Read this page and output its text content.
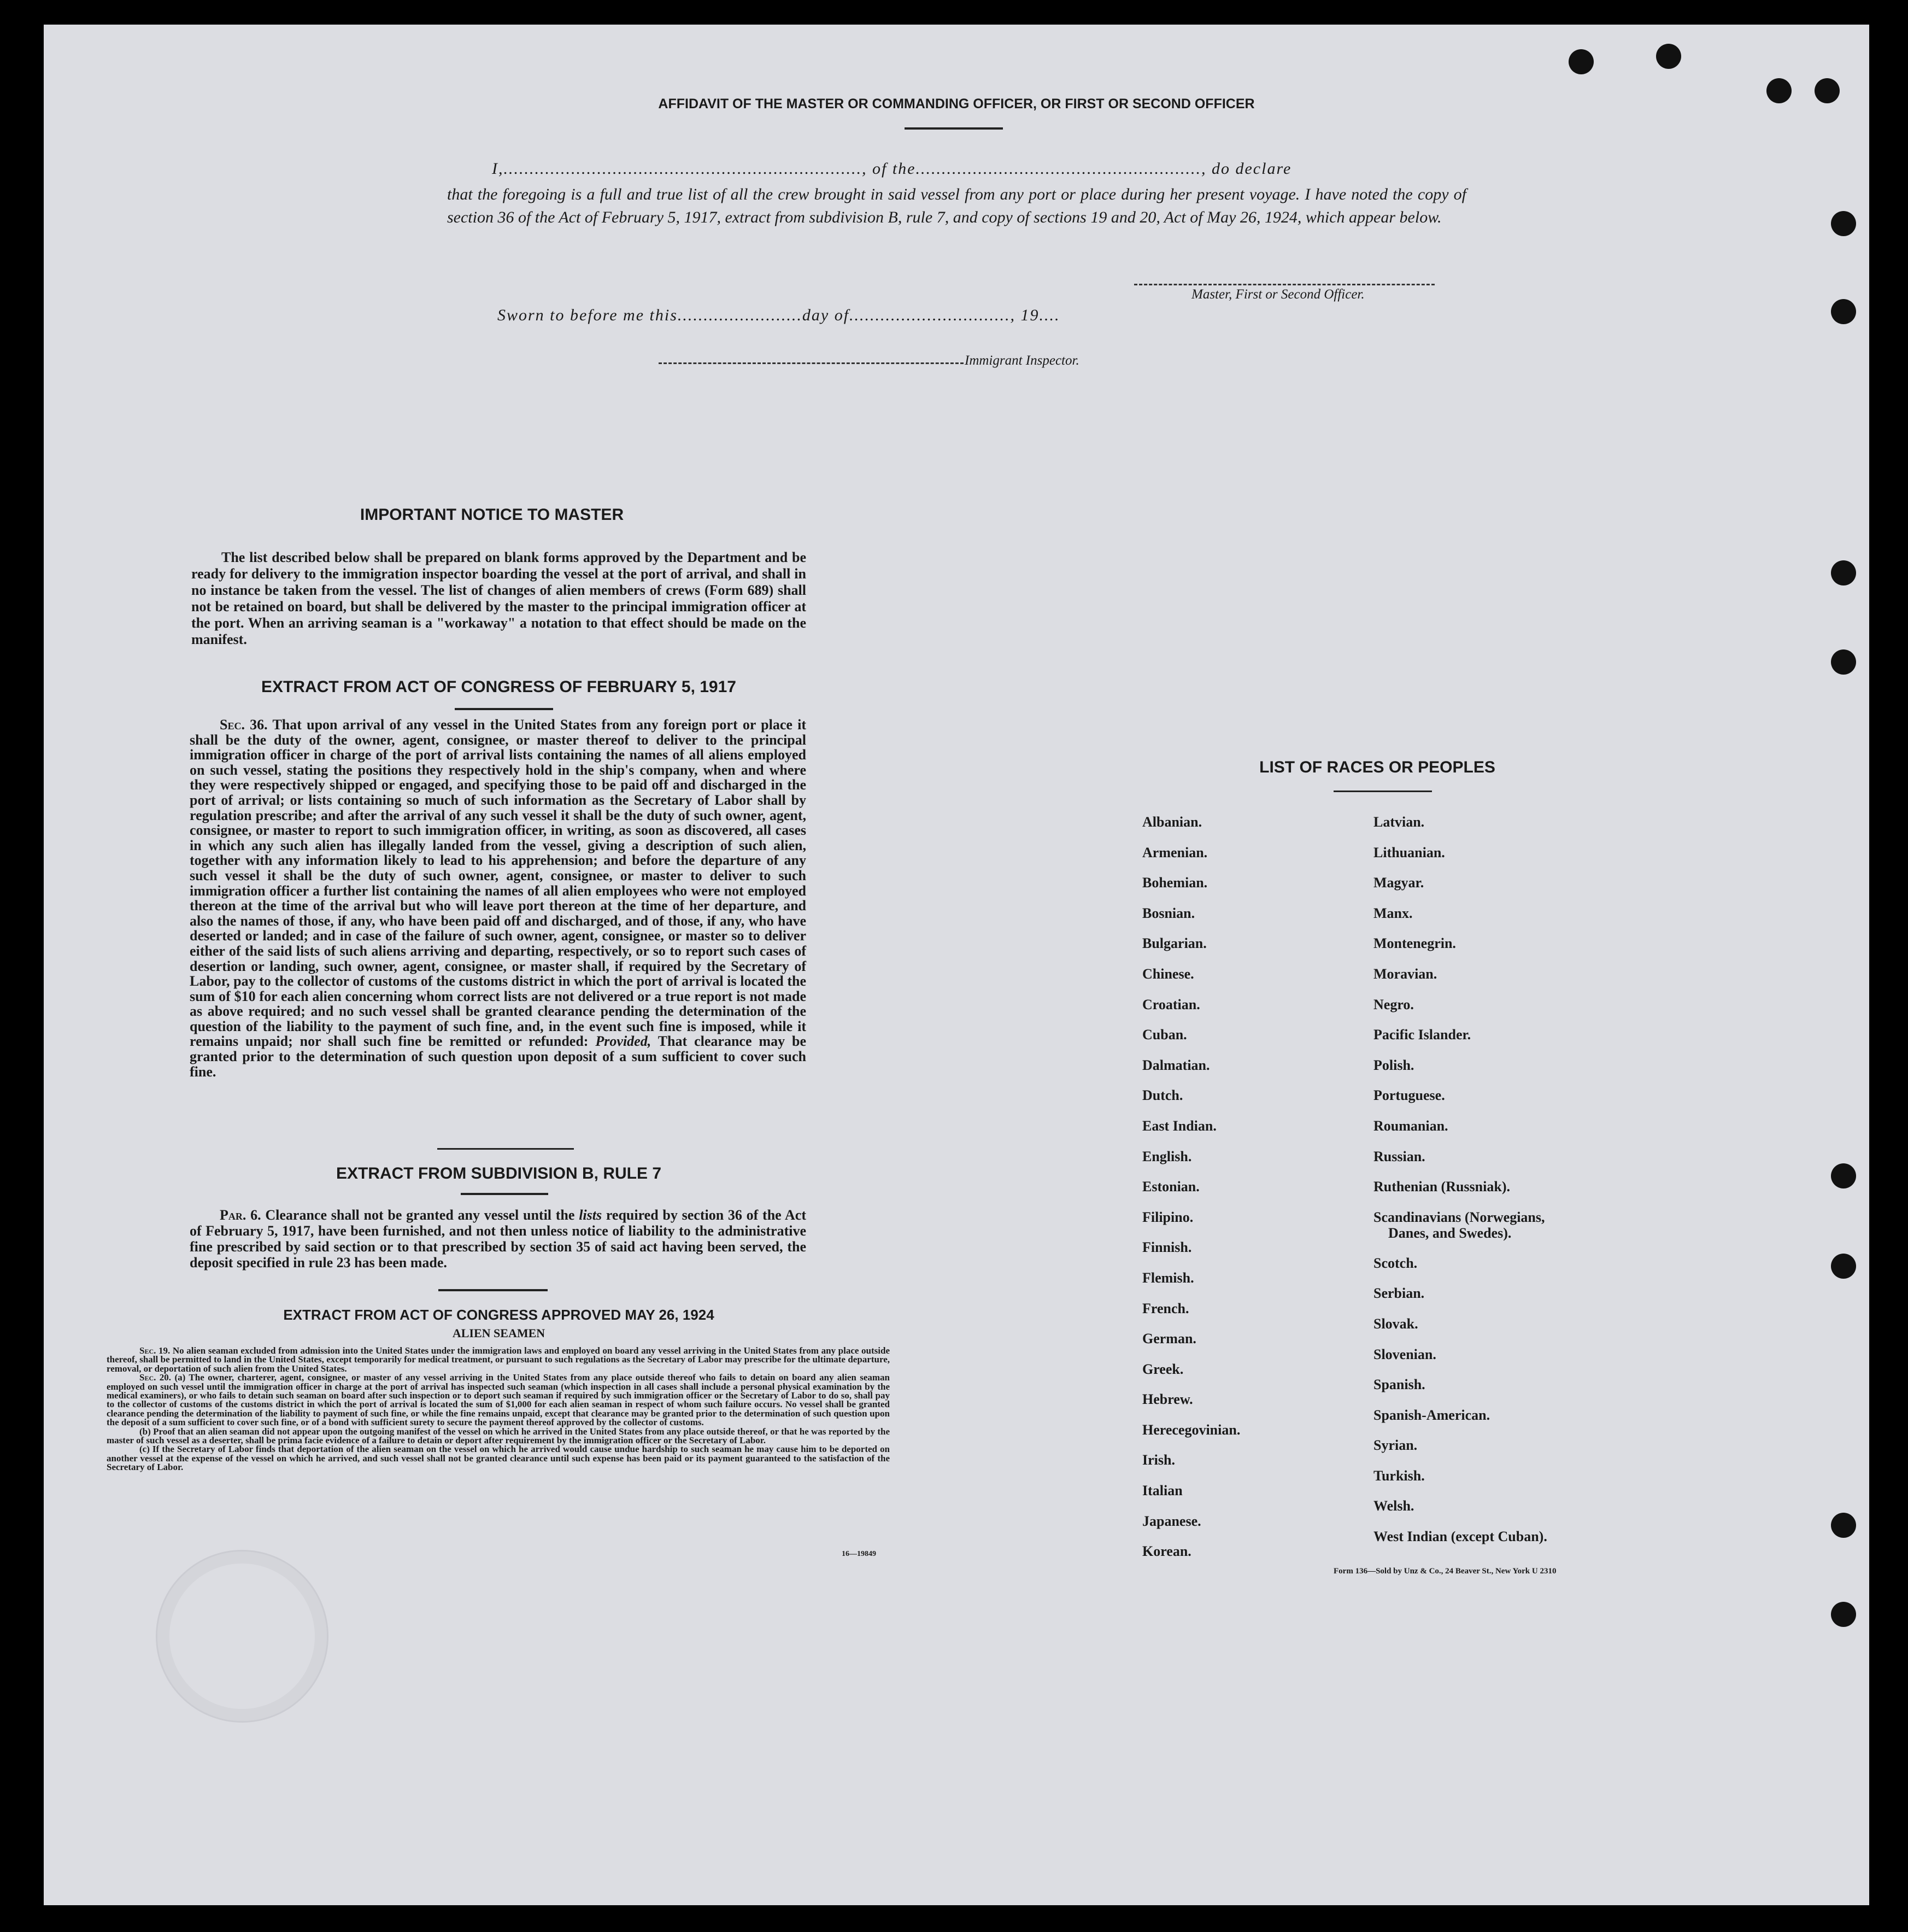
AFFIDAVIT OF THE MASTER OR COMMANDING OFFICER, OR FIRST OR SECOND OFFICER
I,....................................................................., of the......................................................., do declare
that the foregoing is a full and true list of all the crew brought in said vessel from any port or place during her present voyage. I have noted the copy of section 36 of the Act of February 5, 1917, extract from subdivision B, rule 7, and copy of sections 19 and 20, Act of May 26, 1924, which appear below.
Master, First or Second Officer.
Sworn to before me this........................day of..............................., 19....
Immigrant Inspector.
IMPORTANT NOTICE TO MASTER

The list described below shall be prepared on blank forms approved by the Department and be ready for delivery to the immigration inspector boarding the vessel at the port of arrival, and shall in no instance be taken from the vessel. The list of changes of alien members of crews (Form 689) shall not be retained on board, but shall be delivered by the master to the principal immigration officer at the port. When an arriving seaman is a "workaway" a notation to that effect should be made on the manifest.

EXTRACT FROM ACT OF CONGRESS OF FEBRUARY 5, 1917

Sec. 36. That upon arrival of any vessel in the United States from any foreign port or place it shall be the duty of the owner, agent, consignee, or master thereof to deliver to the principal immigration officer in charge of the port of arrival lists containing the names of all aliens employed on such vessel, stating the positions they respectively hold in the ship's company, when and where they were respectively shipped or engaged, and specifying those to be paid off and discharged in the port of arrival; or lists containing so much of such information as the Secretary of Labor shall by regulation prescribe; and after the arrival of any such vessel it shall be the duty of such owner, agent, consignee, or master to report to such immigration officer, in writing, as soon as discovered, all cases in which any such alien has illegally landed from the vessel, giving a description of such alien, together with any information likely to lead to his apprehension; and before the departure of any such vessel it shall be the duty of such owner, agent, consignee, or master to deliver to such immigration officer a further list containing the names of all alien employees who were not employed thereon at the time of the arrival but who will leave port thereon at the time of her departure, and also the names of those, if any, who have been paid off and discharged, and of those, if any, who have deserted or landed; and in case of the failure of such owner, agent, consignee, or master so to deliver either of the said lists of such aliens arriving and departing, respectively, or so to report such cases of desertion or landing, such owner, agent, consignee, or master shall, if required by the Secretary of Labor, pay to the collector of customs of the customs district in which the port of arrival is located the sum of $10 for each alien concerning whom correct lists are not delivered or a true report is not made as above required; and no such vessel shall be granted clearance pending the determination of the question of the liability to the payment of such fine, and, in the event such fine is imposed, while it remains unpaid; nor shall such fine be remitted or refunded: Provided, That clearance may be granted prior to the determination of such question upon deposit of a sum sufficient to cover such fine.

EXTRACT FROM SUBDIVISION B, RULE 7

Par. 6. Clearance shall not be granted any vessel until the lists required by section 36 of the Act of February 5, 1917, have been furnished, and not then unless notice of liability to the administrative fine prescribed by said section or to that prescribed by section 35 of said act having been served, the deposit specified in rule 23 has been made.

EXTRACT FROM ACT OF CONGRESS APPROVED MAY 26, 1924
ALIEN SEAMEN

Sec. 19. No alien seaman excluded from admission into the United States under the immigration laws and employed on board any vessel arriving in the United States from any place outside thereof, shall be permitted to land in the United States, except temporarily for medical treatment, or pursuant to such regulations as the Secretary of Labor may prescribe for the ultimate departure, removal, or deportation of such alien from the United States.

Sec. 20. (a) The owner, charterer, agent, consignee, or master of any vessel arriving in the United States from any place outside thereof who fails to detain on board any alien seaman employed on such vessel until the immigration officer in charge at the port of arrival has inspected such seaman (which inspection in all cases shall include a personal physical examination by the medical examiners), or who fails to detain such seaman on board after such inspection or to deport such seaman if required by such immigration officer or the Secretary of Labor to do so, shall pay to the collector of customs of the customs district in which the port of arrival is located the sum of $1,000 for each alien seaman in respect of whom such failure occurs. No vessel shall be granted clearance pending the determination of the liability to payment of such fine, or while the fine remains unpaid, except that clearance may be granted prior to the determination of such question upon the deposit of a sum sufficient to cover such fine, or of a bond with sufficient surety to secure the payment thereof approved by the collector of customs.

(b) Proof that an alien seaman did not appear upon the outgoing manifest of the vessel on which he arrived in the United States from any place outside thereof, or that he was reported by the master of such vessel as a deserter, shall be prima facie evidence of a failure to detain or deport after requirement by the immigration officer or the Secretary of Labor.

(c) If the Secretary of Labor finds that deportation of the alien seaman on the vessel on which he arrived would cause undue hardship to such seaman he may cause him to be deported on another vessel at the expense of the vessel on which he arrived, and such vessel shall not be granted clearance until such expense has been paid or its payment guaranteed to the satisfaction of the Secretary of Labor.

16—19849
LIST OF RACES OR PEOPLES
Albanian.
Armenian.
Bohemian.
Bosnian.
Bulgarian.
Chinese.
Croatian.
Cuban.
Dalmatian.
Dutch.
East Indian.
English.
Estonian.
Filipino.
Finnish.
Flemish.
French.
German.
Greek.
Hebrew.
Herecegovinian.
Irish.
Italian
Japanese.
Korean.
Latvian.
Lithuanian.
Magyar.
Manx.
Montenegrin.
Moravian.
Negro.
Pacific Islander.
Polish.
Portuguese.
Roumanian.
Russian.
Ruthenian (Russniak).
Scandinavians (Norwegians,
Danes, and Swedes).
Scotch.
Serbian.
Slovak.
Slovenian.
Spanish.
Spanish-American.
Syrian.
Turkish.
Welsh.
West Indian (except Cuban).
Form 136—Sold by Unz & Co., 24 Beaver St., New York U 2310
